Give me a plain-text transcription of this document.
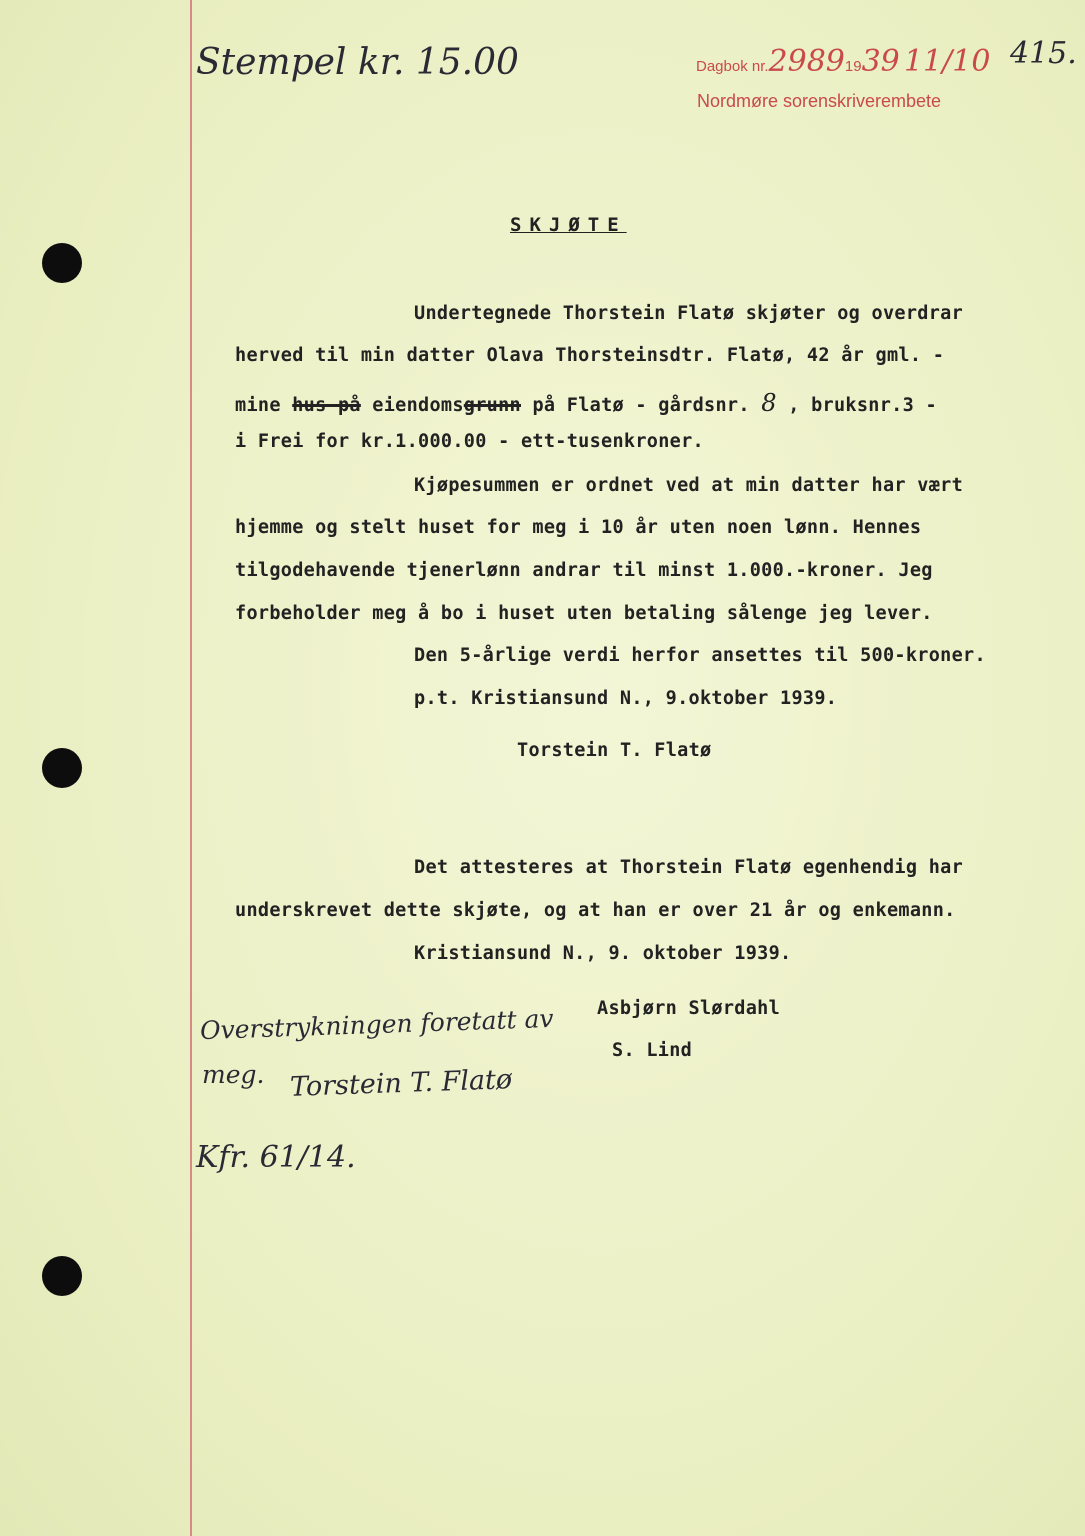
Stempel kr. 15.00	Dagbok nr.29891939 11/10
Nordmøre sorenskriverembete
415.
SKJØTE
Undertegnede Thorstein Flatø skjøter og overdrar
herved til min datter Olava Thorsteinsdtr. Flatø, 42 år gml. -
mine hus på eiendomsgrunn på Flatø - gårdsnr. 8 , bruksnr.3 -
i Frei for kr.1.000.00 - ett-tusenkroner.
Kjøpesummen er ordnet ved at min datter har vært
hjemme og stelt huset for meg i 10 år uten noen lønn. Hennes
tilgodehavende tjenerlønn andrar til minst 1.000.-kroner. Jeg
forbeholder meg å bo i huset uten betaling sålenge jeg lever.
Den 5-årlige verdi herfor ansettes til 500-kroner.
p.t. Kristiansund N., 9.oktober 1939.
Torstein T. Flatø
Det attesteres at Thorstein Flatø egenhendig har
underskrevet dette skjøte, og at han er over 21 år og enkemann.
Kristiansund N., 9. oktober 1939.
Asbjørn Slørdahl
S. Lind
Overstrykningen foretatt av
meg. Torstein T. Flatø
Kfr. 61/14.
